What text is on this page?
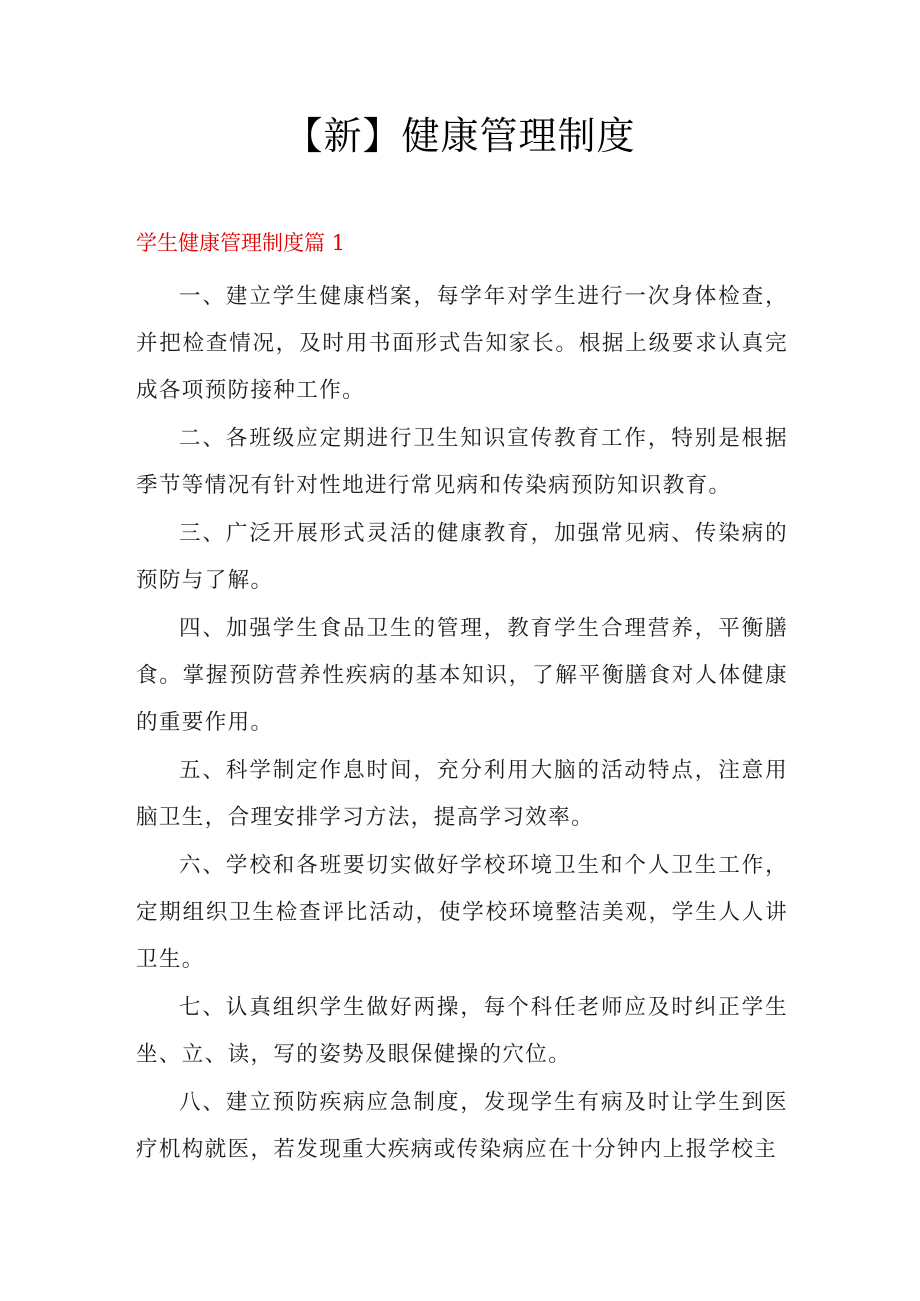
【新】健康管理制度
学生健康管理制度篇 1

一、建立学生健康档案，每学年对学生进行一次身体检查，并把检查情况，及时用书面形式告知家长。根据上级要求认真完成各项预防接种工作。

二、各班级应定期进行卫生知识宣传教育工作，特别是根据季节等情况有针对性地进行常见病和传染病预防知识教育。

三、广泛开展形式灵活的健康教育，加强常见病、传染病的预防与了解。

四、加强学生食品卫生的管理，教育学生合理营养，平衡膳食。掌握预防营养性疾病的基本知识，了解平衡膳食对人体健康的重要作用。

五、科学制定作息时间，充分利用大脑的活动特点，注意用脑卫生，合理安排学习方法，提高学习效率。

六、学校和各班要切实做好学校环境卫生和个人卫生工作，定期组织卫生检查评比活动，使学校环境整洁美观，学生人人讲卫生。

七、认真组织学生做好两操，每个科任老师应及时纠正学生坐、立、读，写的姿势及眼保健操的穴位。

八、建立预防疾病应急制度，发现学生有病及时让学生到医疗机构就医，若发现重大疾病或传染病应在十分钟内上报学校主
